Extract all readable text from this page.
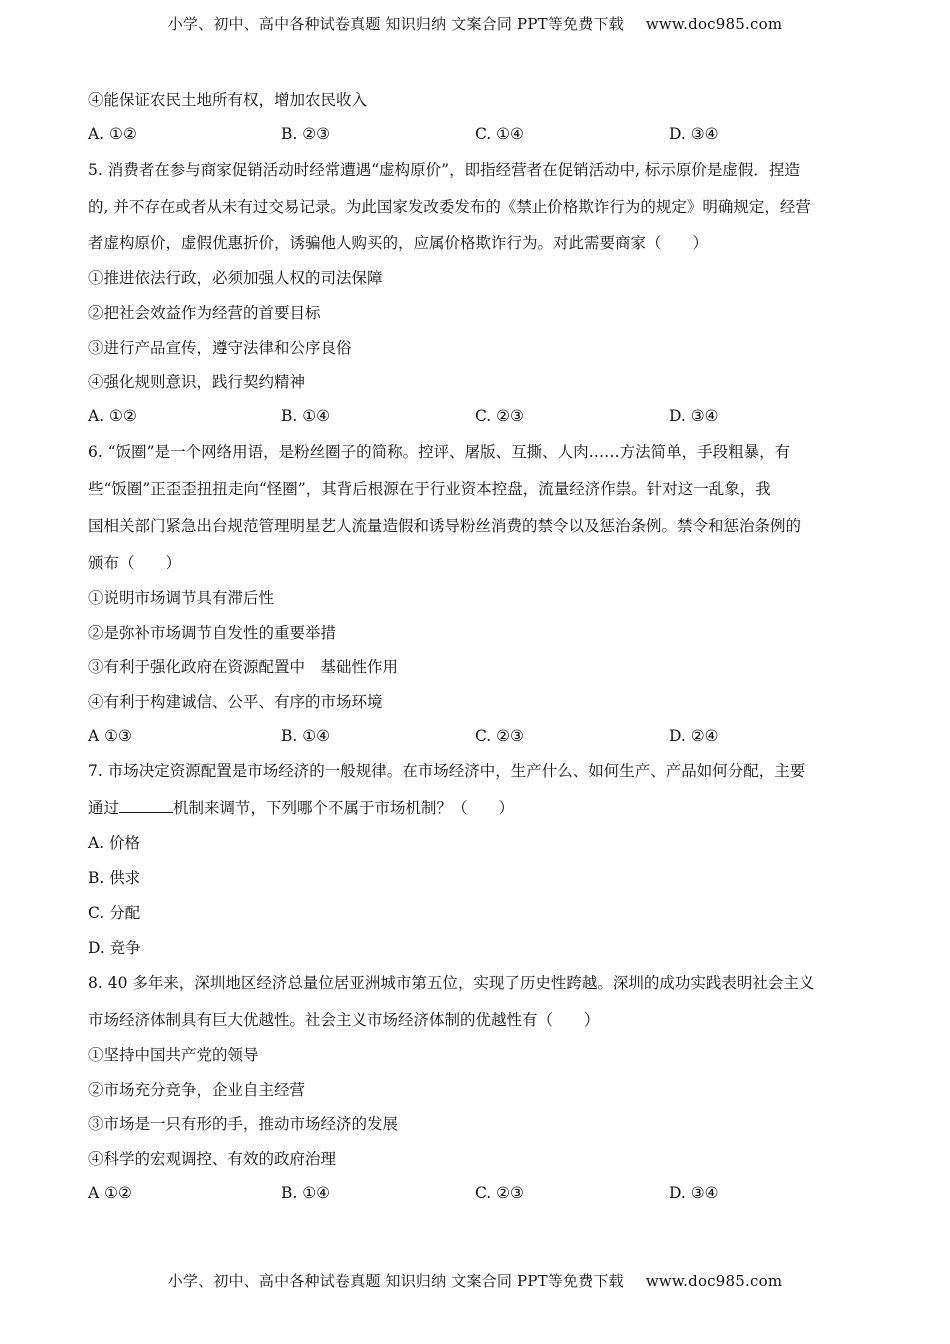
小学、初中、高中各种试卷真题 知识归纳 文案合同 PPT等免费下载 www.doc985.com
④能保证农民土地所有权，增加农民收入
A. ①②	B. ②③	C. ①④	D. ③④
5. 消费者在参与商家促销活动时经常遭遇“虚构原价”，即指经营者在促销活动中, 标示原价是虚假．捏造
的, 并不存在或者从未有过交易记录。为此国家发改委发布的《禁止价格欺诈行为的规定》明确规定，经营
者虚构原价，虚假优惠折价，诱骗他人购买的，应属价格欺诈行为。对此需要商家（　　）
①推进依法行政，必须加强人权的司法保障
②把社会效益作为经营的首要目标
③进行产品宣传，遵守法律和公序良俗
④强化规则意识，践行契约精神
A. ①②	B. ①④	C. ②③	D. ③④
6. “饭圈”是一个网络用语，是粉丝圈子的简称。控评、屠版、互撕、人肉……方法简单，手段粗暴，有
些“饭圈”正歪歪扭扭走向“怪圈”，其背后根源在于行业资本控盘，流量经济作祟。针对这一乱象，我
国相关部门紧急出台规范管理明星艺人流量造假和诱导粉丝消费的禁令以及惩治条例。禁令和惩治条例的
颁布（　　）
①说明市场调节具有滞后性
②是弥补市场调节自发性的重要举措
③有利于强化政府在资源配置中　基础性作用
④有利于构建诚信、公平、有序的市场环境
A ①③	B. ①④	C. ②③	D. ②④
7. 市场决定资源配置是市场经济的一般规律。在市场经济中，生产什么、如何生产、产品如何分配，主要
通过	机制来调节，下列哪个不属于市场机制？（　　）
A. 价格
B. 供求
C. 分配
D. 竞争
8. 40 多年来，深圳地区经济总量位居亚洲城市第五位，实现了历史性跨越。深圳的成功实践表明社会主义
市场经济体制具有巨大优越性。社会主义市场经济体制的优越性有（　　）
①坚持中国共产党的领导
②市场充分竞争，企业自主经营
③市场是一只有形的手，推动市场经济的发展
④科学的宏观调控、有效的政府治理
A ①②	B. ①④	C. ②③	D. ③④
小学、初中、高中各种试卷真题 知识归纳 文案合同 PPT等免费下载 www.doc985.com
